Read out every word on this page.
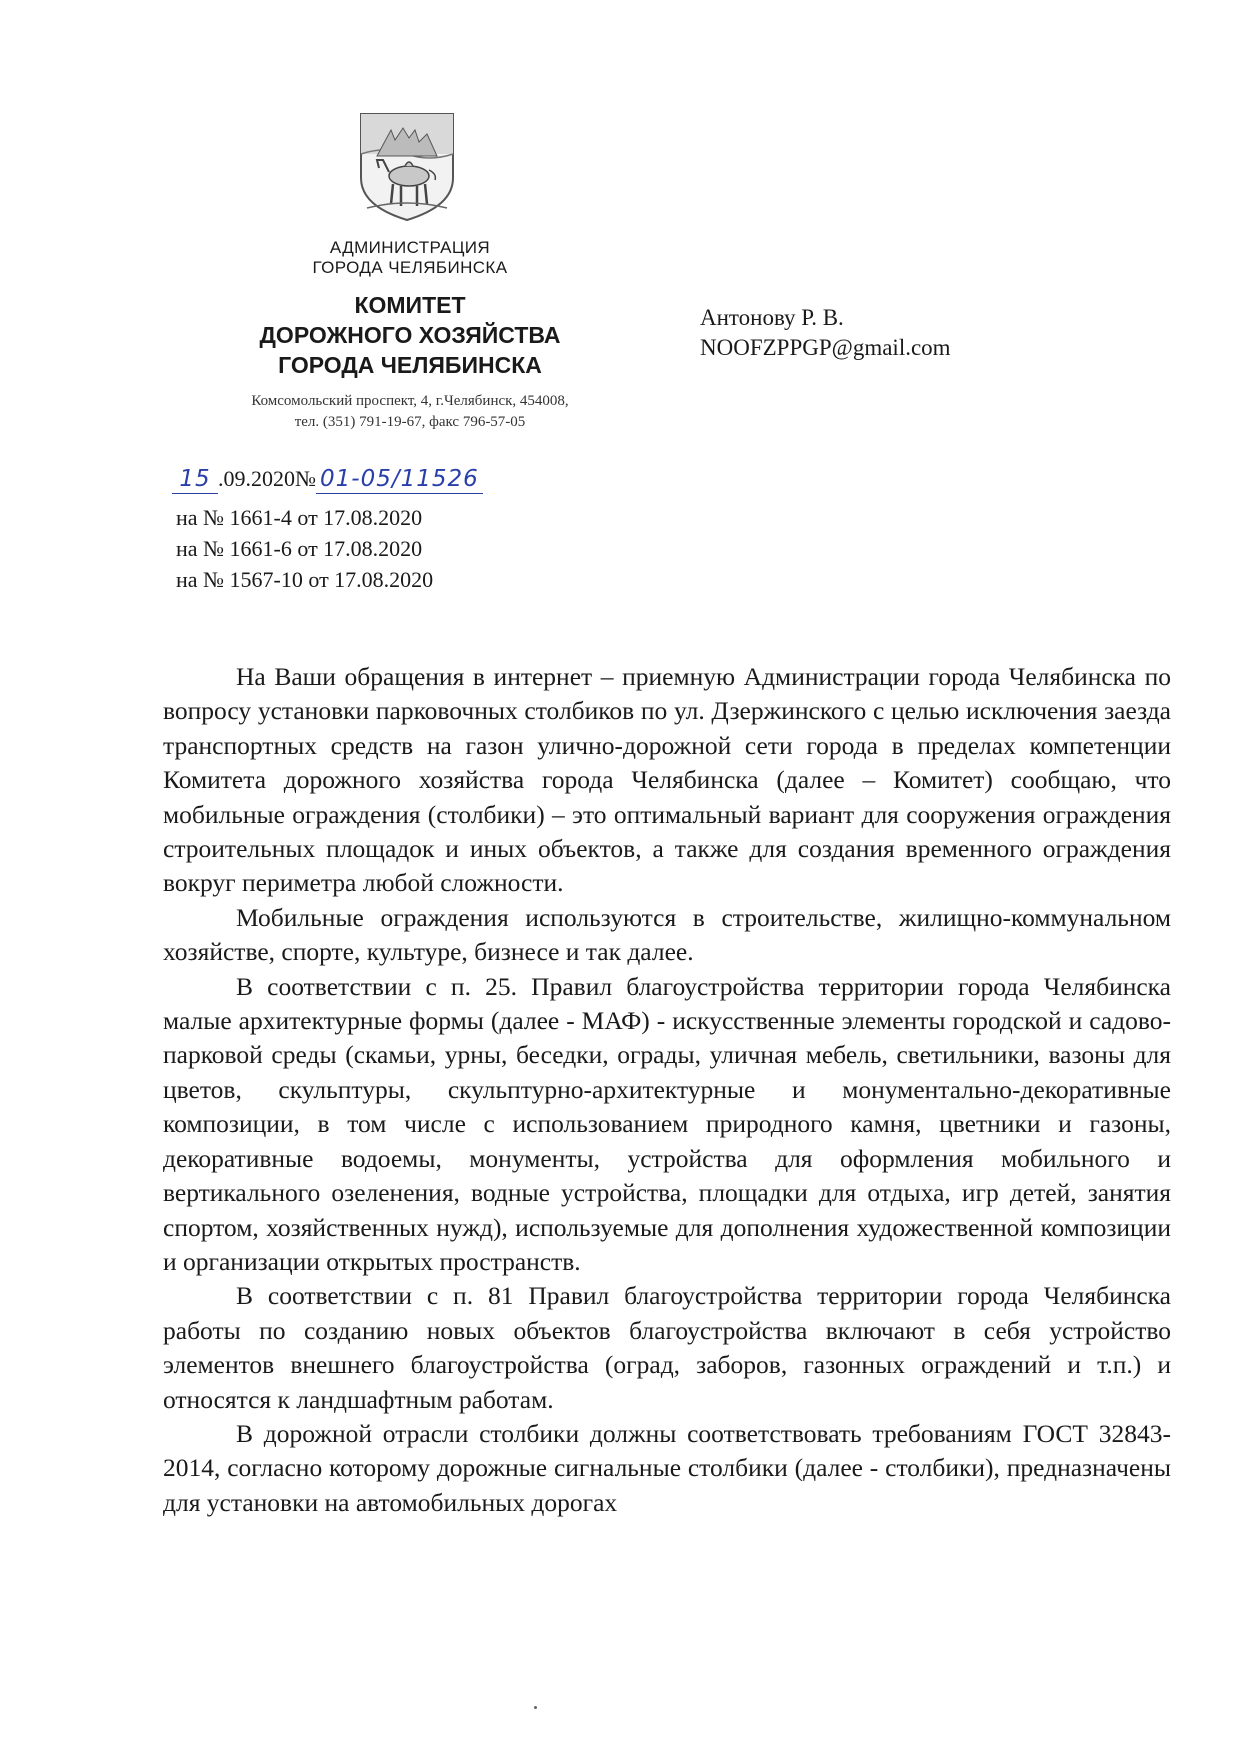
АДМИНИСТРАЦИЯ
ГОРОДА ЧЕЛЯБИНСКА
КОМИТЕТ
ДОРОЖНОГО ХОЗЯЙСТВА
ГОРОДА ЧЕЛЯБИНСКА
Комсомольский проспект, 4, г.Челябинск, 454008,
тел. (351) 791-19-67, факс 796-57-05
Антонову Р. В.
NOOFZPPGP@gmail.com
15 .09.2020№ 01-05/11526
на № 1661-4 от 17.08.2020
на № 1661-6 от 17.08.2020
на № 1567-10 от 17.08.2020

На Ваши обращения в интернет – приемную Администрации города Челябинска по вопросу установки парковочных столбиков по ул. Дзержинского с целью исключения заезда транспортных средств на газон улично-дорожной сети города в пределах компетенции Комитета дорожного хозяйства города Челябинска (далее – Комитет) сообщаю, что мобильные ограждения (столбики) – это оптимальный вариант для сооружения ограждения строительных площадок и иных объектов, а также для создания временного ограждения вокруг периметра любой сложности.

Мобильные ограждения используются в строительстве, жилищно-коммунальном хозяйстве, спорте, культуре, бизнесе и так далее.

В соответствии с п. 25. Правил благоустройства территории города Челябинска малые архитектурные формы (далее - МАФ) - искусственные элементы городской и садово-парковой среды (скамьи, урны, беседки, ограды, уличная мебель, светильники, вазоны для цветов, скульптуры, скульптурно-архитектурные и монументально-декоративные композиции, в том числе с использованием природного камня, цветники и газоны, декоративные водоемы, монументы, устройства для оформления мобильного и вертикального озеленения, водные устройства, площадки для отдыха, игр детей, занятия спортом, хозяйственных нужд), используемые для дополнения художественной композиции и организации открытых пространств.

В соответствии с п. 81 Правил благоустройства территории города Челябинска работы по созданию новых объектов благоустройства включают в себя устройство элементов внешнего благоустройства (оград, заборов, газонных ограждений и т.п.) и относятся к ландшафтным работам.

В дорожной отрасли столбики должны соответствовать требованиям ГОСТ 32843-2014, согласно которому дорожные сигнальные столбики (далее - столбики), предназначены для установки на автомобильных дорогах
